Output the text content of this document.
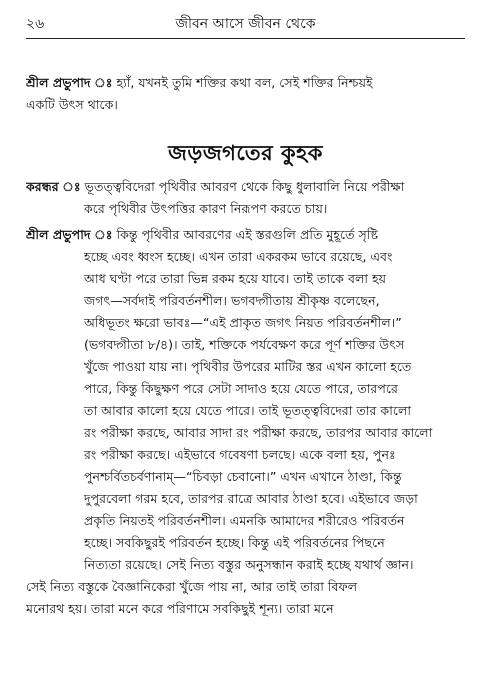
২৬	জীবন আসে জীবন থেকে
শ্রীল প্রভুপাদ ঃ হ্যাঁ, যখনই তুমি শক্তির কথা বল, সেই শক্তির নিশ্চয়ই
একটি উৎস থাকে।
জড়জগতের কুহক
করন্ধর ঃ ভূতত্ত্ববিদেরা পৃথিবীর আবরণ থেকে কিছু ধুলাবালি নিয়ে পরীক্ষা
করে পৃথিবীর উৎপত্তির কারণ নিরূপণ করতে চায়।
শ্রীল প্রভুপাদ ঃ কিন্তু পৃথিবীর আবরণের এই স্তরগুলি প্রতি মুহূর্তে সৃষ্টি
হচ্ছে এবং ধ্বংস হচ্ছে। এখন তারা একরকম ভাবে রয়েছে, এবং
আধ ঘণ্টা পরে তারা ভিন্ন রকম হয়ে যাবে। তাই তাকে বলা হয়
জগৎ—সর্বদাই পরিবর্তনশীল। ভগবদ্গীতায় শ্রীকৃষ্ণ বলেছেন,
অধিভূতং ক্ষরো ভাবঃ—“এই প্রাকৃত জগৎ নিয়ত পরিবর্তনশীল।”
(ভগবদ্গীতা ৮/৪)। তাই, শক্তিকে পর্যবেক্ষণ করে পূর্ণ শক্তির উৎস
খুঁজে পাওয়া যায় না। পৃথিবীর উপরের মাটির স্তর এখন কালো হতে
পারে, কিন্তু কিছুক্ষণ পরে সেটা সাদাও হয়ে যেতে পারে, তারপরে
তা আবার কালো হয়ে যেতে পারে। তাই ভূতত্ত্ববিদেরা তার কালো
রং পরীক্ষা করছে, আবার সাদা রং পরীক্ষা করছে, তারপর আবার কালো
রং পরীক্ষা করছে। এইভাবে গবেষণা চলছে। একে বলা হয়, পুনঃ
পুনশ্চর্বিতচর্বণানাম্—“চিবড়া চেবানো।” এখন এখানে ঠাণ্ডা, কিন্তু
দুপুরবেলা গরম হবে, তারপর রাত্রে আবার ঠাণ্ডা হবে। এইভাবে জড়া
প্রকৃতি নিয়তই পরিবর্তনশীল। এমনকি আমাদের শরীরেও পরিবর্তন
হচ্ছে। সবকিছুরই পরিবর্তন হচ্ছে। কিন্তু এই পরিবর্তনের পিছনে
নিত্যতা রয়েছে। সেই নিত্য বস্তুর অনুসন্ধান করাই হচ্ছে যথার্থ জ্ঞান।
সেই নিত্য বস্তুকে বৈজ্ঞানিকেরা খুঁজে পায় না, আর তাই তারা বিফল
মনোরথ হয়। তারা মনে করে পরিণামে সবকিছুই শূন্য। তারা মনে
